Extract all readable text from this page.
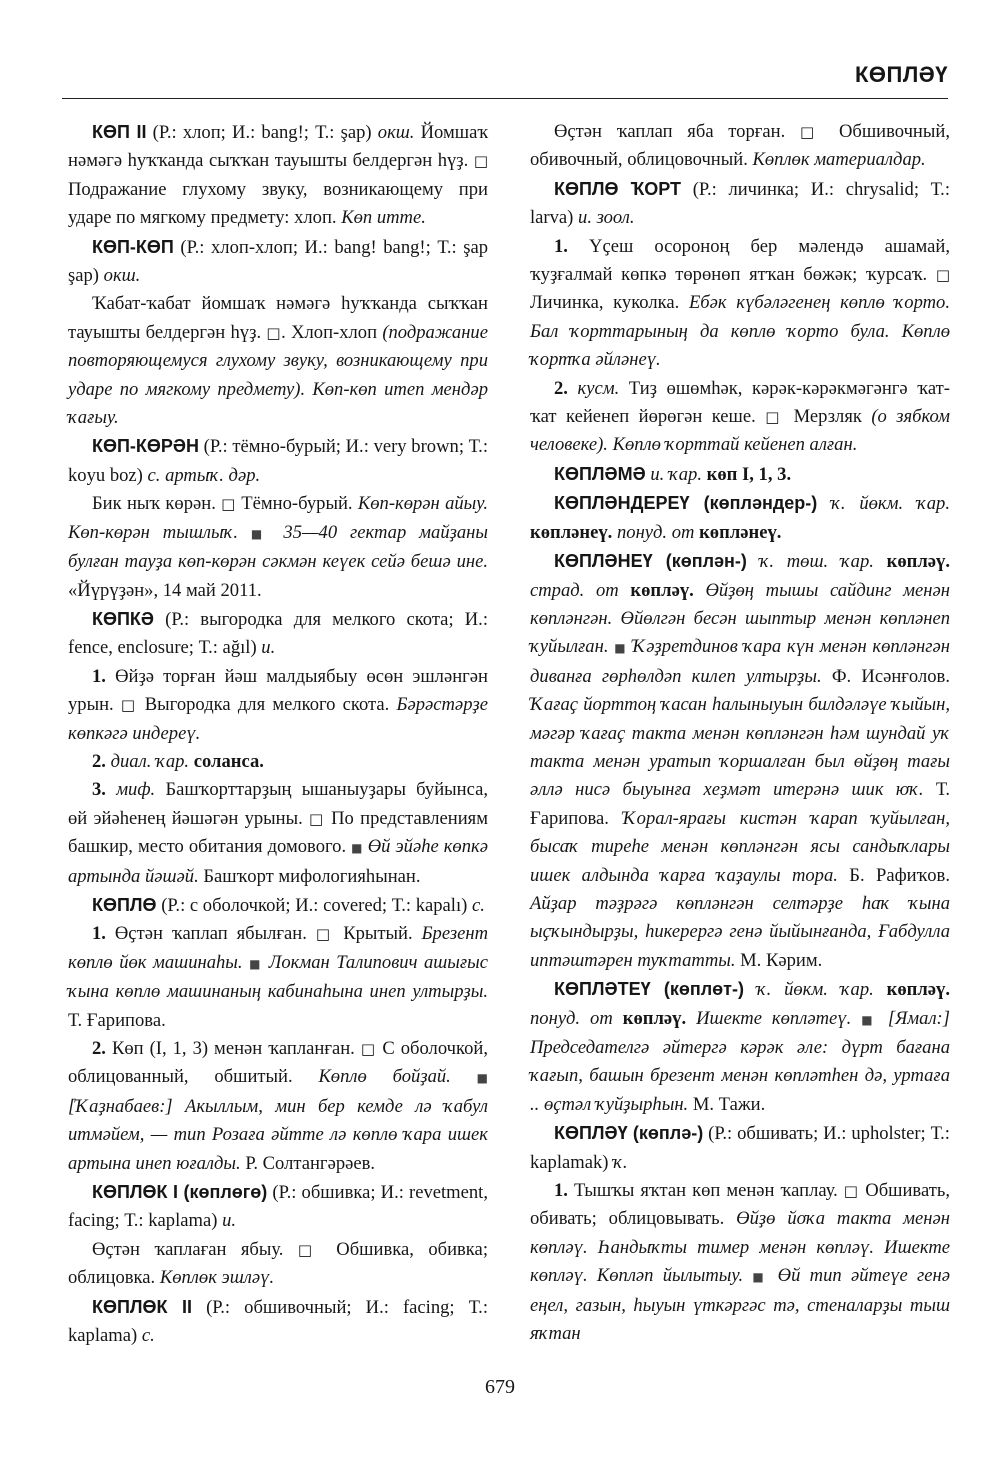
КӨПЛӘҮ

КӨП II (Р.: хлоп; И.: bang!; Т.: şap) окш. Йомшаҡ нәмәгә һуҡҡанда сыҡҡан тауышты белдергән һүҙ. □ Подражание глухому звуку, возникающему при ударе по мягкому предмету: хлоп. Көп итте.

КӨП-КӨП (Р.: хлоп-хлоп; И.: bang! bang!; Т.: şap şap) окш.

Ҡабат-ҡабат йомшаҡ нәмәгә һуҡҡанда сыҡҡан тауышты белдергән һүҙ. □. Хлоп-хлоп (подражание повторяющемуся глухому звуку, возникающему при ударе по мягкому предмету). Көп-көп итеп мендәр ҡағыу.

КӨП-КӨРӘН (Р.: тёмно-бурый; И.: very brown; Т.: koyu boz) с. артыҡ. дәр.

Бик ныҡ көрән. □ Тёмно-бурый. Көп-көрән айыу. Көп-көрән тышлыҡ. ■ 35—40 гектар майҙаны булған тауҙа көп-көрән сәкмән кеүек сейә бешә ине. «Йүрүҙән», 14 май 2011.

КӨПКӘ (Р.: выгородка для мелкого скота; И.: fence, enclosure; Т.: ağıl) и.

1. Өйҙә торған йәш малдыябыу өсөн эшләнгән урын. □ Выгородка для мелкого скота. Бәрәстәрҙе көпкәгә индереү.

2. диал. ҡар. соланса.

3. миф. Башҡорттарҙың ышаныуҙары буйынса, өй эйәһенең йәшәгән урыны. □ По представлениям башкир, место обитания домового. ■ Өй эйәһе көпкә артында йәшәй. Башҡорт мифологияһынан.

КӨПЛӨ (Р.: с оболочкой; И.: covered; Т.: kapalı) с.

1. Өҫтән ҡаплап ябылған. □ Крытый. Брезент көплө йөк машинаһы. ■ Локман Талипович ашығыс ҡына көплө машинаның кабинаһына инеп ултырҙы. Т. Ғарипова.

2. Көп (I, 1, 3) менән ҡапланған. □ С оболочкой, облицованный, обшитый. Көплө бойҙай. ■ [Ҡаҙнабаев:] Акыллым, мин бер кемде лә ҡабул итмәйем, — тип Розаға әйтте лә көплө ҡара ишек артына инеп юғалды. Р. Солтангәрәев.

КӨПЛӨК I (көплөгө) (Р.: обшивка; И.: revetment, facing; Т.: kaplama) и.

Өҫтән ҡаплаған ябыу. □ Обшивка, обивка; облицовка. Көплөк эшләү.

КӨПЛӨК II (Р.: обшивочный; И.: facing; Т.: kaplama) с.

Өҫтән ҡаплап яба торған. □ Обшивочный, обивочный, облицовочный. Көплөк материалдар.

КӨПЛӨ ҠОРТ (Р.: личинка; И.: chrysalid; Т.: larva) и. зоол.

1. Үҫеш осороноң бер мәлендә ашамай, ҡуҙғалмай көпкә төрөнөп ятҡан бөжәк; ҡурсаҡ. □ Личинка, куколка. Ебәк күбәләгенең көплө ҡорто. Бал ҡорттарының да көплө ҡорто була. Көплө ҡортҡа әйләнеү.

2. кусм. Тиҙ өшөмһәк, кәрәк-кәрәкмәгәнгә ҡат-ҡат кейенеп йөрөгән кеше. □ Мерзляк (о зябком человеке). Көплө ҡорттай кейенеп алған.

КӨПЛӘМӘ и. ҡар. көп I, 1, 3.

КӨПЛӘНДЕРЕҮ (көпләндер-) ҡ. йөкм. ҡар. көпләнеү. понуд. от көпләнеү.

КӨПЛӘНЕҮ (көплән-) ҡ. төш. ҡар. көпләү. страд. от көпләү. Өйҙөң тышы сайдинг менән көпләнгән. Өйөлгән бесән шыптыр менән көпләнеп ҡуйылған. ■ Ҡәҙретдинов ҡара күн менән көпләнгән диванға гөрһөлдәп килеп ултырҙы. Ф. Исәнғолов. Ҡағаҫ йорттоң ҡасан һалыныуын билдәләүе ҡыйын, мәгәр ҡағаҫ такта менән көпләнгән һәм шундай уҡ такта менән уратып ҡоршалған был өйҙөң тағы әллә нисә быуынға хеҙмәт итерәнә шик юҡ. Т. Ғарипова. Ҡорал-ярағы кистән ҡарап ҡуйылған, бысаҡ тиреһе менән көпләнгән ясы сандыҡлары ишек алдында ҡарға ҡаҙаулы тора. Б. Рафиҡов. Айҙар тәҙрәгә көпләнгән селтәрҙе һаҡ ҡына ыҫҡындырҙы, һикерергә генә йыйынғанда, Ғабдулла иптәштәрен туҡтатты. М. Кәрим.

КӨПЛӘТЕҮ (көплөт-) ҡ. йөкм. ҡар. көпләү. понуд. от көпләү. Ишекте көпләтеү. ■ [Ямал:] Председателгә әйтергә кәрәк әле: дүрт бағана ҡағып, башын брезент менән көпләтһен дә, уртаға .. өҫтәл ҡуйҙырһын. М. Тажи.

КӨПЛӘҮ (көплә-) (Р.: обшивать; И.: upholster; Т.: kaplamak) ҡ.

1. Тышҡы яҡтан көп менән ҡаплау. □ Обшивать, обивать; облицовывать. Өйҙө йоҡа такта менән көпләү. Һандыҡты тимер менән көпләү. Ишекте көпләү. Көпләп йылытыу. ■ Өй тип әйтеүе генә еңел, газын, һыуын үткәргәс тә, стеналарҙы тыш яҡтан

679
